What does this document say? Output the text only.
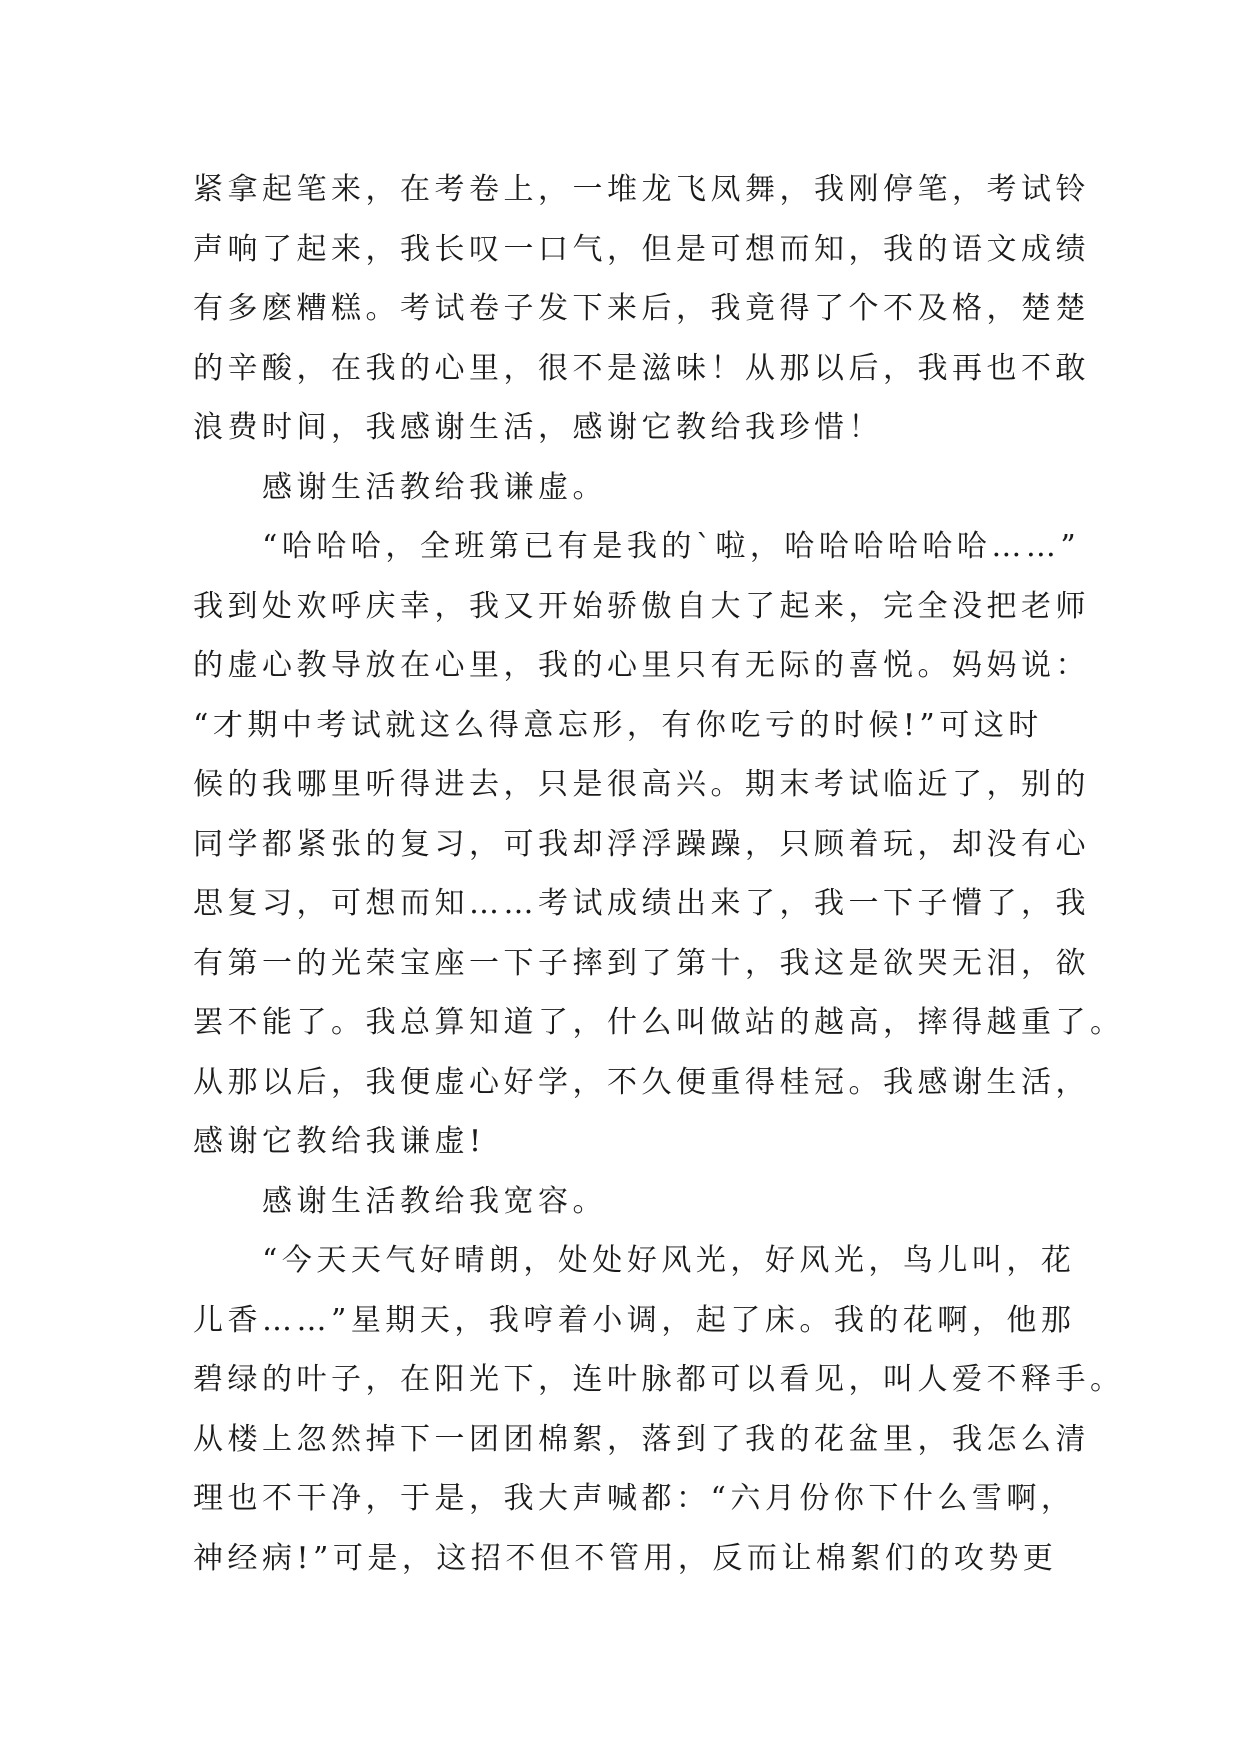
紧拿起笔来，在考卷上，一堆龙飞凤舞，我刚停笔，考试铃
声响了起来，我长叹一口气，但是可想而知，我的语文成绩
有多麽糟糕。考试卷子发下来后，我竟得了个不及格，楚楚
的辛酸，在我的心里，很不是滋味！从那以后，我再也不敢
浪费时间，我感谢生活，感谢它教给我珍惜！
　　感谢生活教给我谦虚。
　　“哈哈哈，全班第已有是我的`啦，哈哈哈哈哈哈……”
我到处欢呼庆幸，我又开始骄傲自大了起来，完全没把老师
的虚心教导放在心里，我的心里只有无际的喜悦。妈妈说：
“才期中考试就这么得意忘形，有你吃亏的时候!”可这时
候的我哪里听得进去，只是很高兴。期末考试临近了，别的
同学都紧张的复习，可我却浮浮躁躁，只顾着玩，却没有心
思复习，可想而知……考试成绩出来了，我一下子懵了，我
有第一的光荣宝座一下子摔到了第十，我这是欲哭无泪，欲
罢不能了。我总算知道了，什么叫做站的越高，摔得越重了。
从那以后，我便虚心好学，不久便重得桂冠。我感谢生活，
感谢它教给我谦虚!
　　感谢生活教给我宽容。
　　“今天天气好晴朗，处处好风光，好风光，鸟儿叫，花
儿香……”星期天，我哼着小调，起了床。我的花啊，他那
碧绿的叶子，在阳光下，连叶脉都可以看见，叫人爱不释手。
从楼上忽然掉下一团团棉絮，落到了我的花盆里，我怎么清
理也不干净，于是，我大声喊都：“六月份你下什么雪啊，
神经病!”可是，这招不但不管用，反而让棉絮们的攻势更
